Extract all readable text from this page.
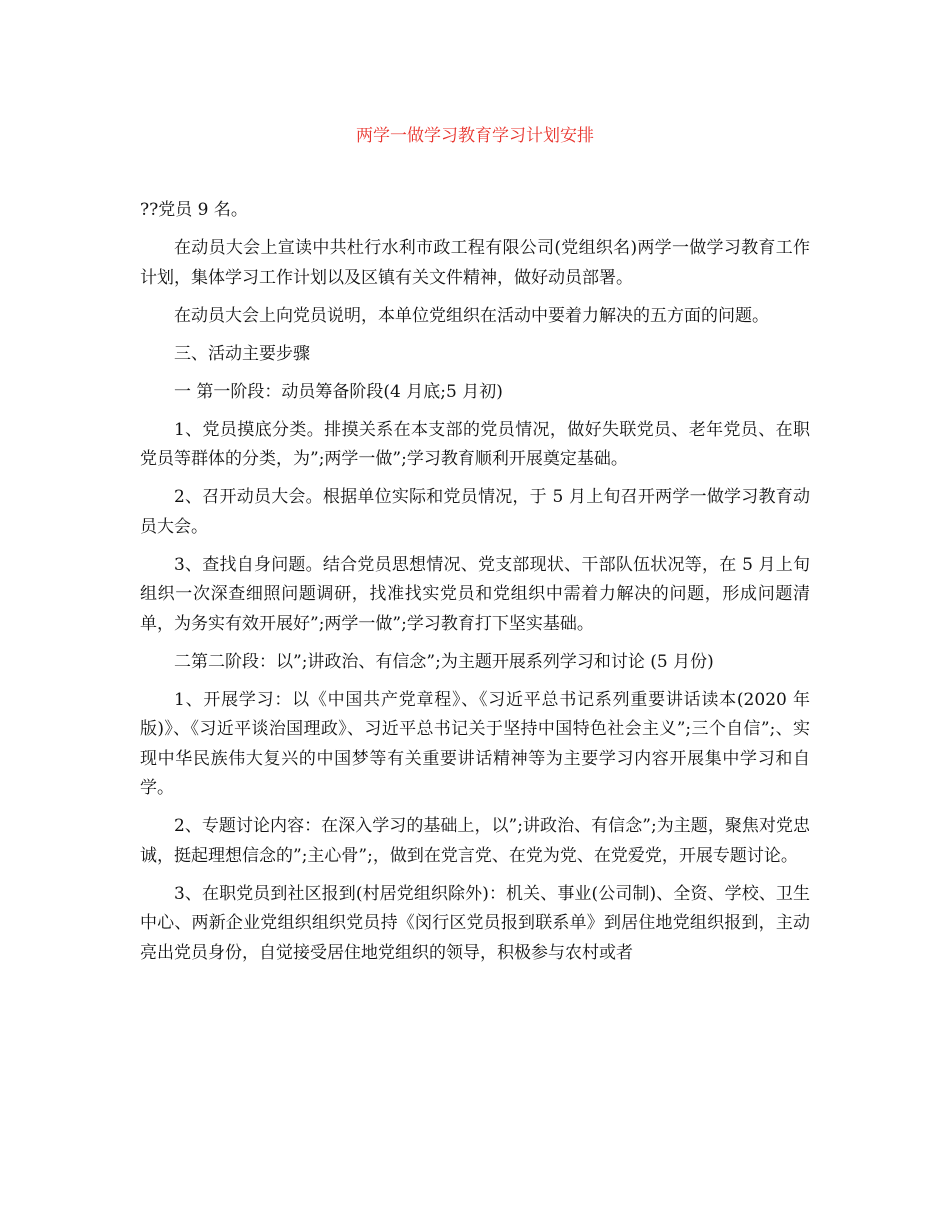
两学一做学习教育学习计划安排

??党员 9 名。

在动员大会上宣读中共杜行水利市政工程有限公司(党组织名)两学一做学习教育工作计划，集体学习工作计划以及区镇有关文件精神，做好动员部署。

在动员大会上向党员说明，本单位党组织在活动中要着力解决的五方面的问题。

三、活动主要步骤

一 第一阶段：动员筹备阶段(4 月底;5 月初)

1、党员摸底分类。排摸关系在本支部的党员情况，做好失联党员、老年党员、在职党员等群体的分类，为”;两学一做”;学习教育顺利开展奠定基础。

2、召开动员大会。根据单位实际和党员情况，于 5 月上旬召开两学一做学习教育动员大会。

3、查找自身问题。结合党员思想情况、党支部现状、干部队伍状况等，在 5 月上旬组织一次深查细照问题调研，找准找实党员和党组织中需着力解决的问题，形成问题清单，为务实有效开展好”;两学一做”;学习教育打下坚实基础。

二第二阶段：以”;讲政治、有信念”;为主题开展系列学习和讨论 (5 月份)

1、开展学习：以《中国共产党章程》、《习近平总书记系列重要讲话读本(2020 年版)》、《习近平谈治国理政》、习近平总书记关于坚持中国特色社会主义”;三个自信”;、实现中华民族伟大复兴的中国梦等有关重要讲话精神等为主要学习内容开展集中学习和自学。

2、专题讨论内容：在深入学习的基础上，以”;讲政治、有信念”;为主题，聚焦对党忠诚，挺起理想信念的”;主心骨”;，做到在党言党、在党为党、在党爱党，开展专题讨论。

3、在职党员到社区报到(村居党组织除外)：机关、事业(公司制)、全资、学校、卫生中心、两新企业党组织组织党员持《闵行区党员报到联系单》到居住地党组织报到，主动亮出党员身份，自觉接受居住地党组织的领导，积极参与农村或者
